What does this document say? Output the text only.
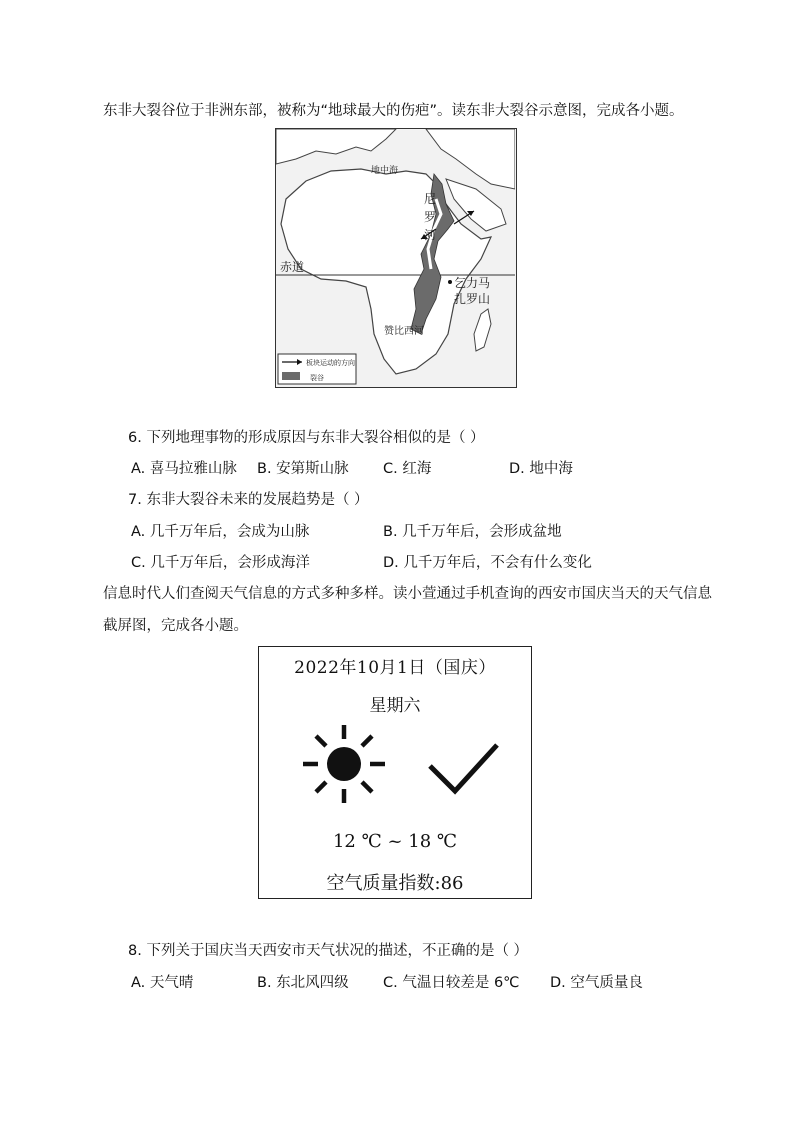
东非大裂谷位于非洲东部，被称为“地球最大的伤疤”。读东非大裂谷示意图，完成各小题。
地中海
尼
罗
河
赤道
乞力马
扎罗山
赞比西河
板块运动的方向
裂谷
6. 下列地理事物的形成原因与东非大裂谷相似的是（ ）
A. 喜马拉雅山脉 B. 安第斯山脉 C. 红海	D. 地中海
7. 东非大裂谷未来的发展趋势是（ ）
A. 几千万年后，会成为山脉	B. 几千万年后，会形成盆地
C. 几千万年后，会形成海洋	D. 几千万年后，不会有什么变化
信息时代人们查阅天气信息的方式多种多样。读小萱通过手机查询的西安市国庆当天的天气信息
截屏图，完成各小题。
2022年10月1日（国庆）
星期六
12 ℃ ~ 18 ℃
空气质量指数:86
8. 下列关于国庆当天西安市天气状况的描述，不正确的是（ ）
A. 天气晴	B. 东北风四级 C. 气温日较差是 6℃ D. 空气质量良
